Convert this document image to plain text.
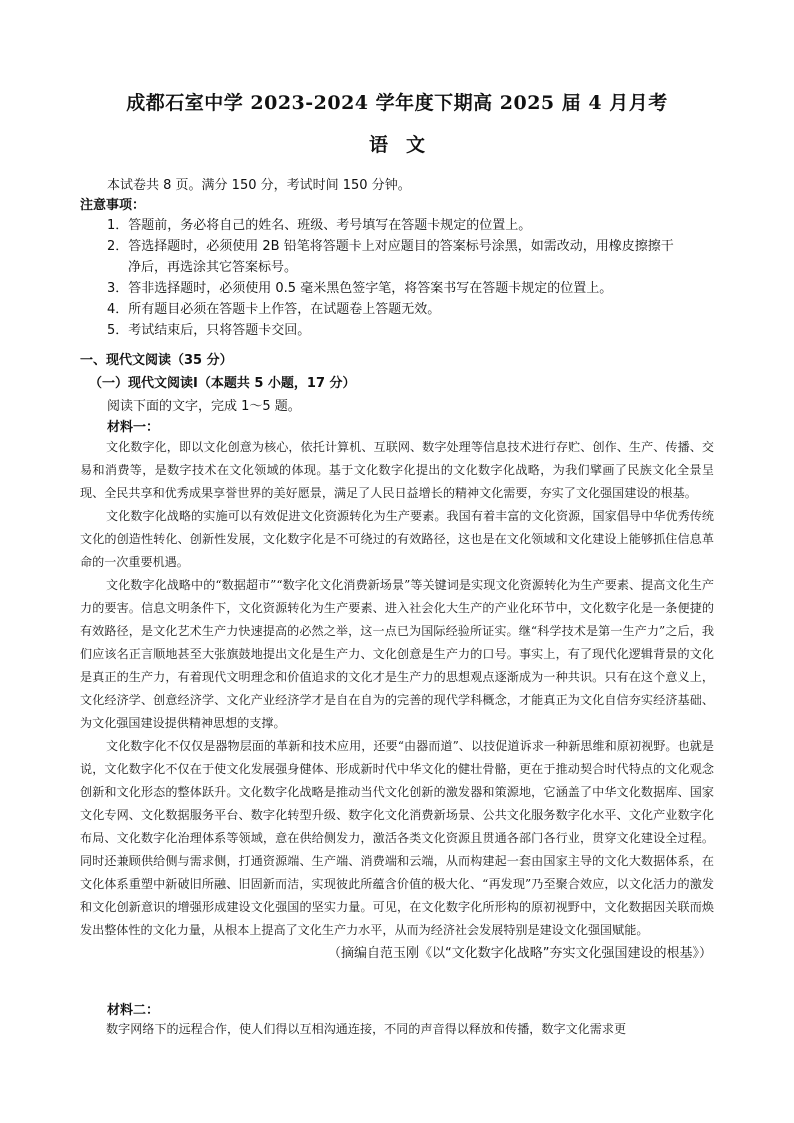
成都石室中学 2023-2024 学年度下期高 2025 届 4 月月考
语文
本试卷共 8 页。满分 150 分，考试时间 150 分钟。
注意事项：
1．答题前，务必将自己的姓名、班级、考号填写在答题卡规定的位置上。
2．答选择题时，必须使用 2B 铅笔将答题卡上对应题目的答案标号涂黑，如需改动，用橡皮擦擦干
净后，再选涂其它答案标号。
3．答非选择题时，必须使用 0.5 毫米黑色签字笔，将答案书写在答题卡规定的位置上。
4．所有题目必须在答题卡上作答，在试题卷上答题无效。
5．考试结束后，只将答题卡交回。
一、现代文阅读（35 分）
（一）现代文阅读Ⅰ（本题共 5 小题，17 分）
阅读下面的文字，完成 1～5 题。
材料一：

文化数字化，即以文化创意为核心，依托计算机、互联网、数字处理等信息技术进行存贮、创作、生产、传播、交易和消费等，是数字技术在文化领域的体现。基于文化数字化提出的文化数字化战略，为我们擘画了民族文化全景呈现、全民共享和优秀成果享誉世界的美好愿景，满足了人民日益增长的精神文化需要，夯实了文化强国建设的根基。

文化数字化战略的实施可以有效促进文化资源转化为生产要素。我国有着丰富的文化资源，国家倡导中华优秀传统文化的创造性转化、创新性发展，文化数字化是不可绕过的有效路径，这也是在文化领域和文化建设上能够抓住信息革命的一次重要机遇。

文化数字化战略中的“数据超市”“数字化文化消费新场景”等关键词是实现文化资源转化为生产要素、提高文化生产力的要害。信息文明条件下，文化资源转化为生产要素、进入社会化大生产的产业化环节中，文化数字化是一条便捷的有效路径，是文化艺术生产力快速提高的必然之举，这一点已为国际经验所证实。继“科学技术是第一生产力”之后，我们应该名正言顺地甚至大张旗鼓地提出文化是生产力、文化创意是生产力的口号。事实上，有了现代化逻辑背景的文化是真正的生产力，有着现代文明理念和价值追求的文化才是生产力的思想观点逐渐成为一种共识。只有在这个意义上，文化经济学、创意经济学、文化产业经济学才是自在自为的完善的现代学科概念，才能真正为文化自信夯实经济基础、为文化强国建设提供精神思想的支撑。

文化数字化不仅仅是器物层面的革新和技术应用，还要“由器而道”、以技促道诉求一种新思维和原初视野。也就是说，文化数字化不仅在于使文化发展强身健体、形成新时代中华文化的健壮骨骼，更在于推动契合时代特点的文化观念创新和文化形态的整体跃升。文化数字化战略是推动当代文化创新的激发器和策源地，它涵盖了中华文化数据库、国家文化专网、文化数据服务平台、数字化转型升级、数字化文化消费新场景、公共文化服务数字化水平、文化产业数字化布局、文化数字化治理体系等领域，意在供给侧发力，激活各类文化资源且贯通各部门各行业，贯穿文化建设全过程。同时还兼顾供给侧与需求侧，打通资源端、生产端、消费端和云端，从而构建起一套由国家主导的文化大数据体系，在文化体系重塑中新破旧所融、旧固新而洁，实现彼此所蕴含价值的极大化、“再发现”乃至聚合效应，以文化活力的激发和文化创新意识的增强形成建设文化强国的坚实力量。可见，在文化数字化所形构的原初视野中，文化数据因关联而焕发出整体性的文化力量，从根本上提高了文化生产力水平，从而为经济社会发展特别是建设文化强国赋能。

（摘编自范玉刚《以“文化数字化战略”夯实文化强国建设的根基》）

材料二：

数字网络下的远程合作，使人们得以互相沟通连接，不同的声音得以释放和传播，数字文化需求更
